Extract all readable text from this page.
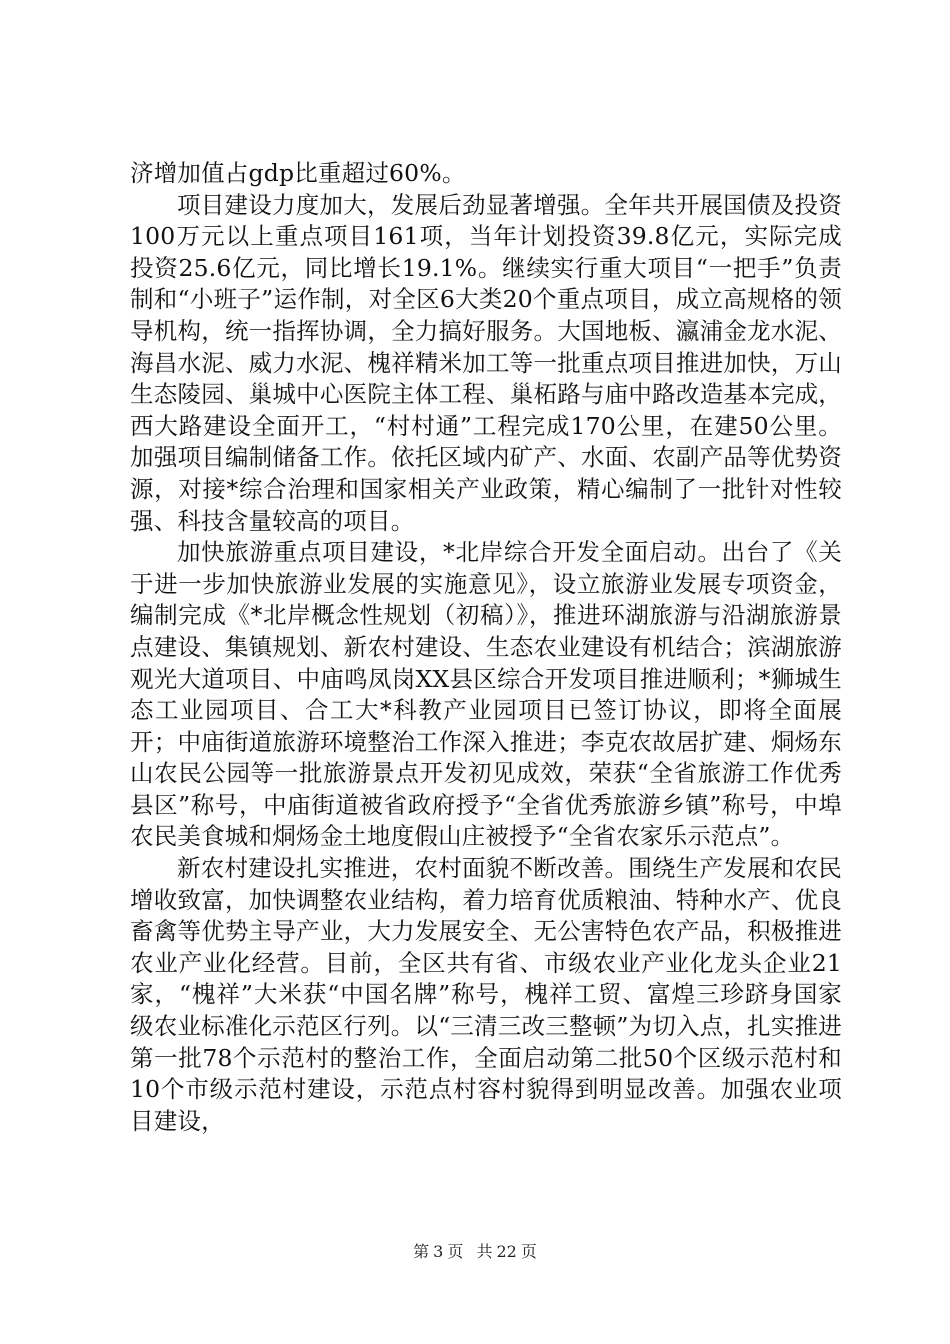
济增加值占gdp比重超过60%。

项目建设力度加大，发展后劲显著增强。全年共开展国债及投资100万元以上重点项目161项，当年计划投资39.8亿元，实际完成投资25.6亿元，同比增长19.1%。继续实行重大项目“一把手”负责制和“小班子”运作制，对全区6大类20个重点项目，成立高规格的领导机构，统一指挥协调，全力搞好服务。大国地板、瀛浦金龙水泥、海昌水泥、威力水泥、槐祥精米加工等一批重点项目推进加快，万山生态陵园、巢城中心医院主体工程、巢柘路与庙中路改造基本完成，西大路建设全面开工，“村村通”工程完成170公里，在建50公里。加强项目编制储备工作。依托区域内矿产、水面、农副产品等优势资源，对接*综合治理和国家相关产业政策，精心编制了一批针对性较强、科技含量较高的项目。

加快旅游重点项目建设，*北岸综合开发全面启动。出台了《关于进一步加快旅游业发展的实施意见》，设立旅游业发展专项资金，编制完成《*北岸概念性规划（初稿）》，推进环湖旅游与沿湖旅游景点建设、集镇规划、新农村建设、生态农业建设有机结合；滨湖旅游观光大道项目、中庙鸣凤岗XX县区综合开发项目推进顺利；*狮城生态工业园项目、合工大*科教产业园项目已签订协议，即将全面展开；中庙街道旅游环境整治工作深入推进；李克农故居扩建、烔炀东山农民公园等一批旅游景点开发初见成效，荣获“全省旅游工作优秀县区”称号，中庙街道被省政府授予“全省优秀旅游乡镇”称号，中埠农民美食城和烔炀金土地度假山庄被授予“全省农家乐示范点”。

新农村建设扎实推进，农村面貌不断改善。围绕生产发展和农民增收致富，加快调整农业结构，着力培育优质粮油、特种水产、优良畜禽等优势主导产业，大力发展安全、无公害特色农产品，积极推进农业产业化经营。目前，全区共有省、市级农业产业化龙头企业21家，“槐祥”大米获“中国名牌”称号，槐祥工贸、富煌三珍跻身国家级农业标准化示范区行列。以“三清三改三整顿”为切入点，扎实推进第一批78个示范村的整治工作，全面启动第二批50个区级示范村和10个市级示范村建设，示范点村容村貌得到明显改善。加强农业项目建设，

第 3 页 共 22 页
